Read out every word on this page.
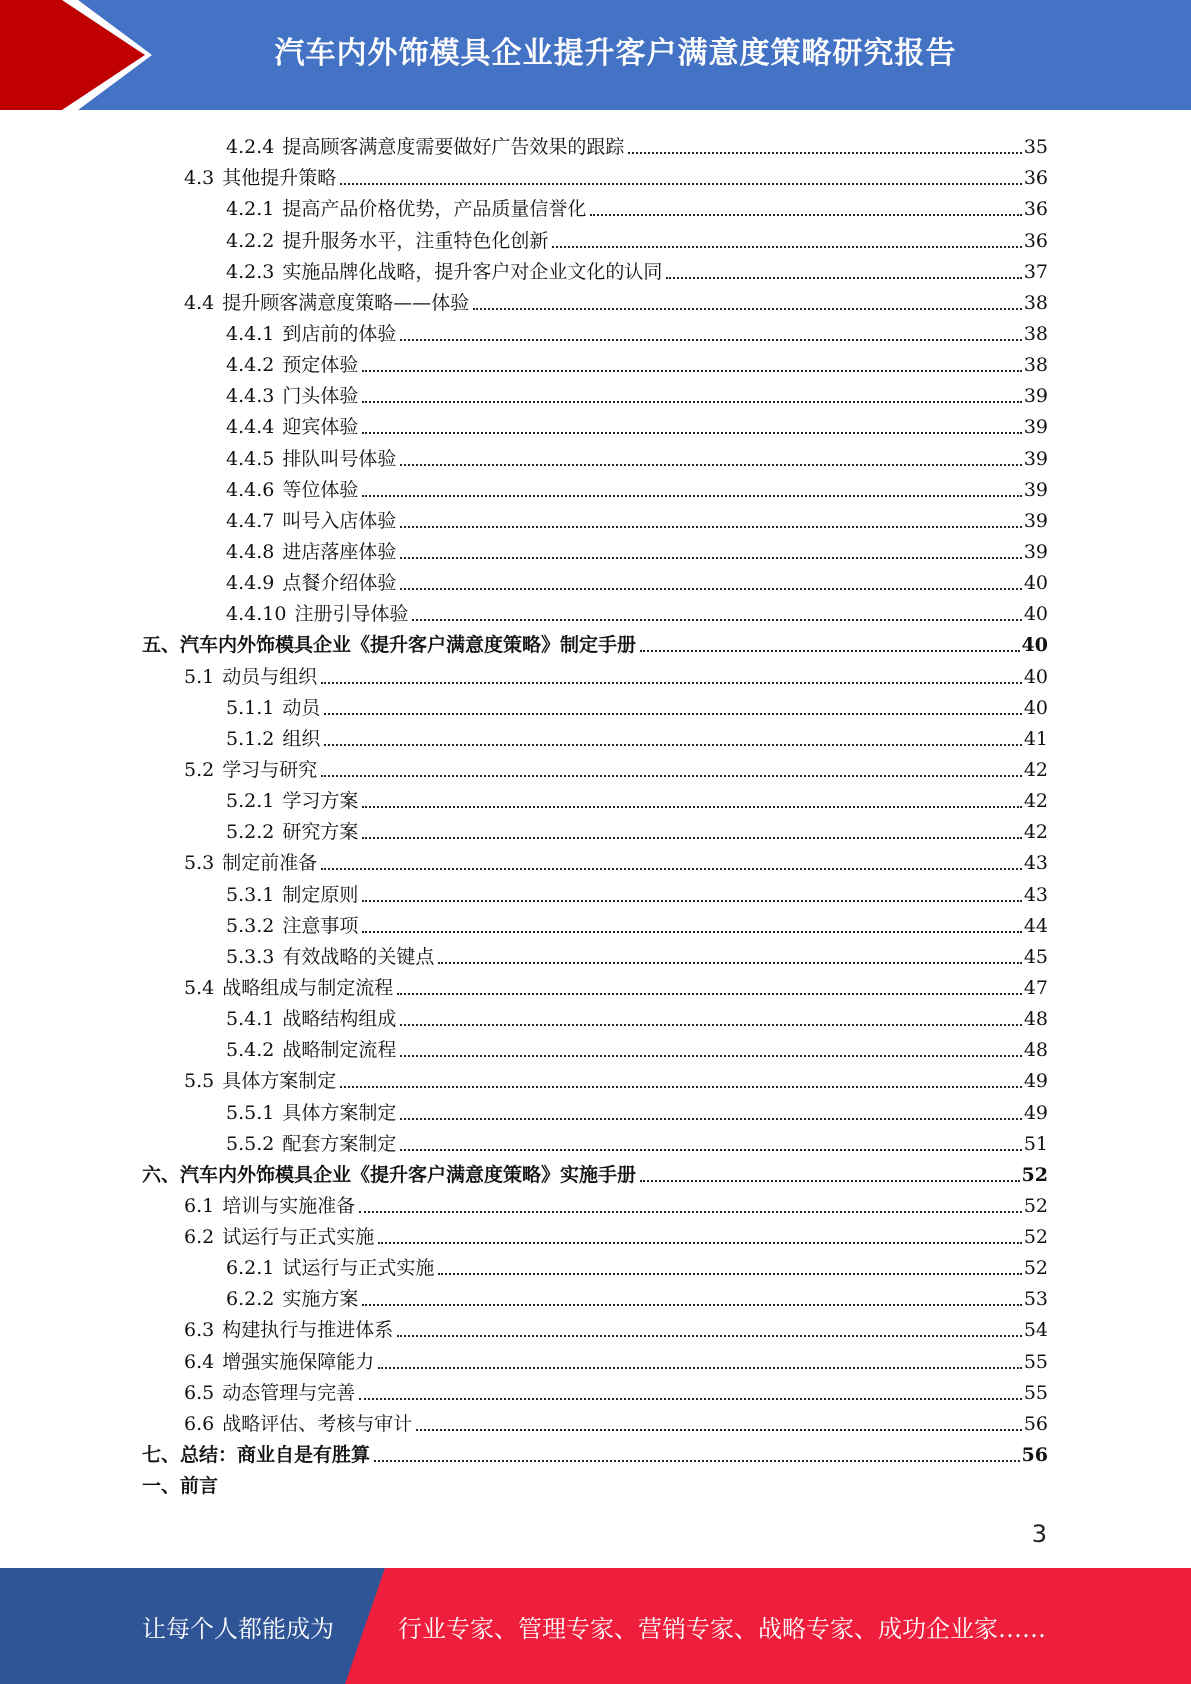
汽车内外饰模具企业提升客户满意度策略研究报告
4.2.4 提高顾客满意度需要做好广告效果的跟踪	35
4.3 其他提升策略	36
4.2.1 提高产品价格优势，产品质量信誉化	36
4.2.2 提升服务水平，注重特色化创新	36
4.2.3 实施品牌化战略，提升客户对企业文化的认同	37
4.4 提升顾客满意度策略——体验	38
4.4.1 到店前的体验	38
4.4.2 预定体验	38
4.4.3 门头体验	39
4.4.4 迎宾体验	39
4.4.5 排队叫号体验	39
4.4.6 等位体验	39
4.4.7 叫号入店体验	39
4.4.8 进店落座体验	39
4.4.9 点餐介绍体验	40
4.4.10 注册引导体验	40
五、汽车内外饰模具企业《提升客户满意度策略》制定手册	40
5.1 动员与组织	40
5.1.1 动员	40
5.1.2 组织	41
5.2 学习与研究	42
5.2.1 学习方案	42
5.2.2 研究方案	42
5.3 制定前准备	43
5.3.1 制定原则	43
5.3.2 注意事项	44
5.3.3 有效战略的关键点	45
5.4 战略组成与制定流程	47
5.4.1 战略结构组成	48
5.4.2 战略制定流程	48
5.5 具体方案制定	49
5.5.1 具体方案制定	49
5.5.2 配套方案制定	51
六、汽车内外饰模具企业《提升客户满意度策略》实施手册	52
6.1 培训与实施准备	52
6.2 试运行与正式实施	52
6.2.1 试运行与正式实施	52
6.2.2 实施方案	53
6.3 构建执行与推进体系	54
6.4 增强实施保障能力	55
6.5 动态管理与完善	55
6.6 战略评估、考核与审计	56
七、总结：商业自是有胜算	56
一、前言
3
让每个人都能成为	行业专家、管理专家、营销专家、战略专家、成功企业家……
